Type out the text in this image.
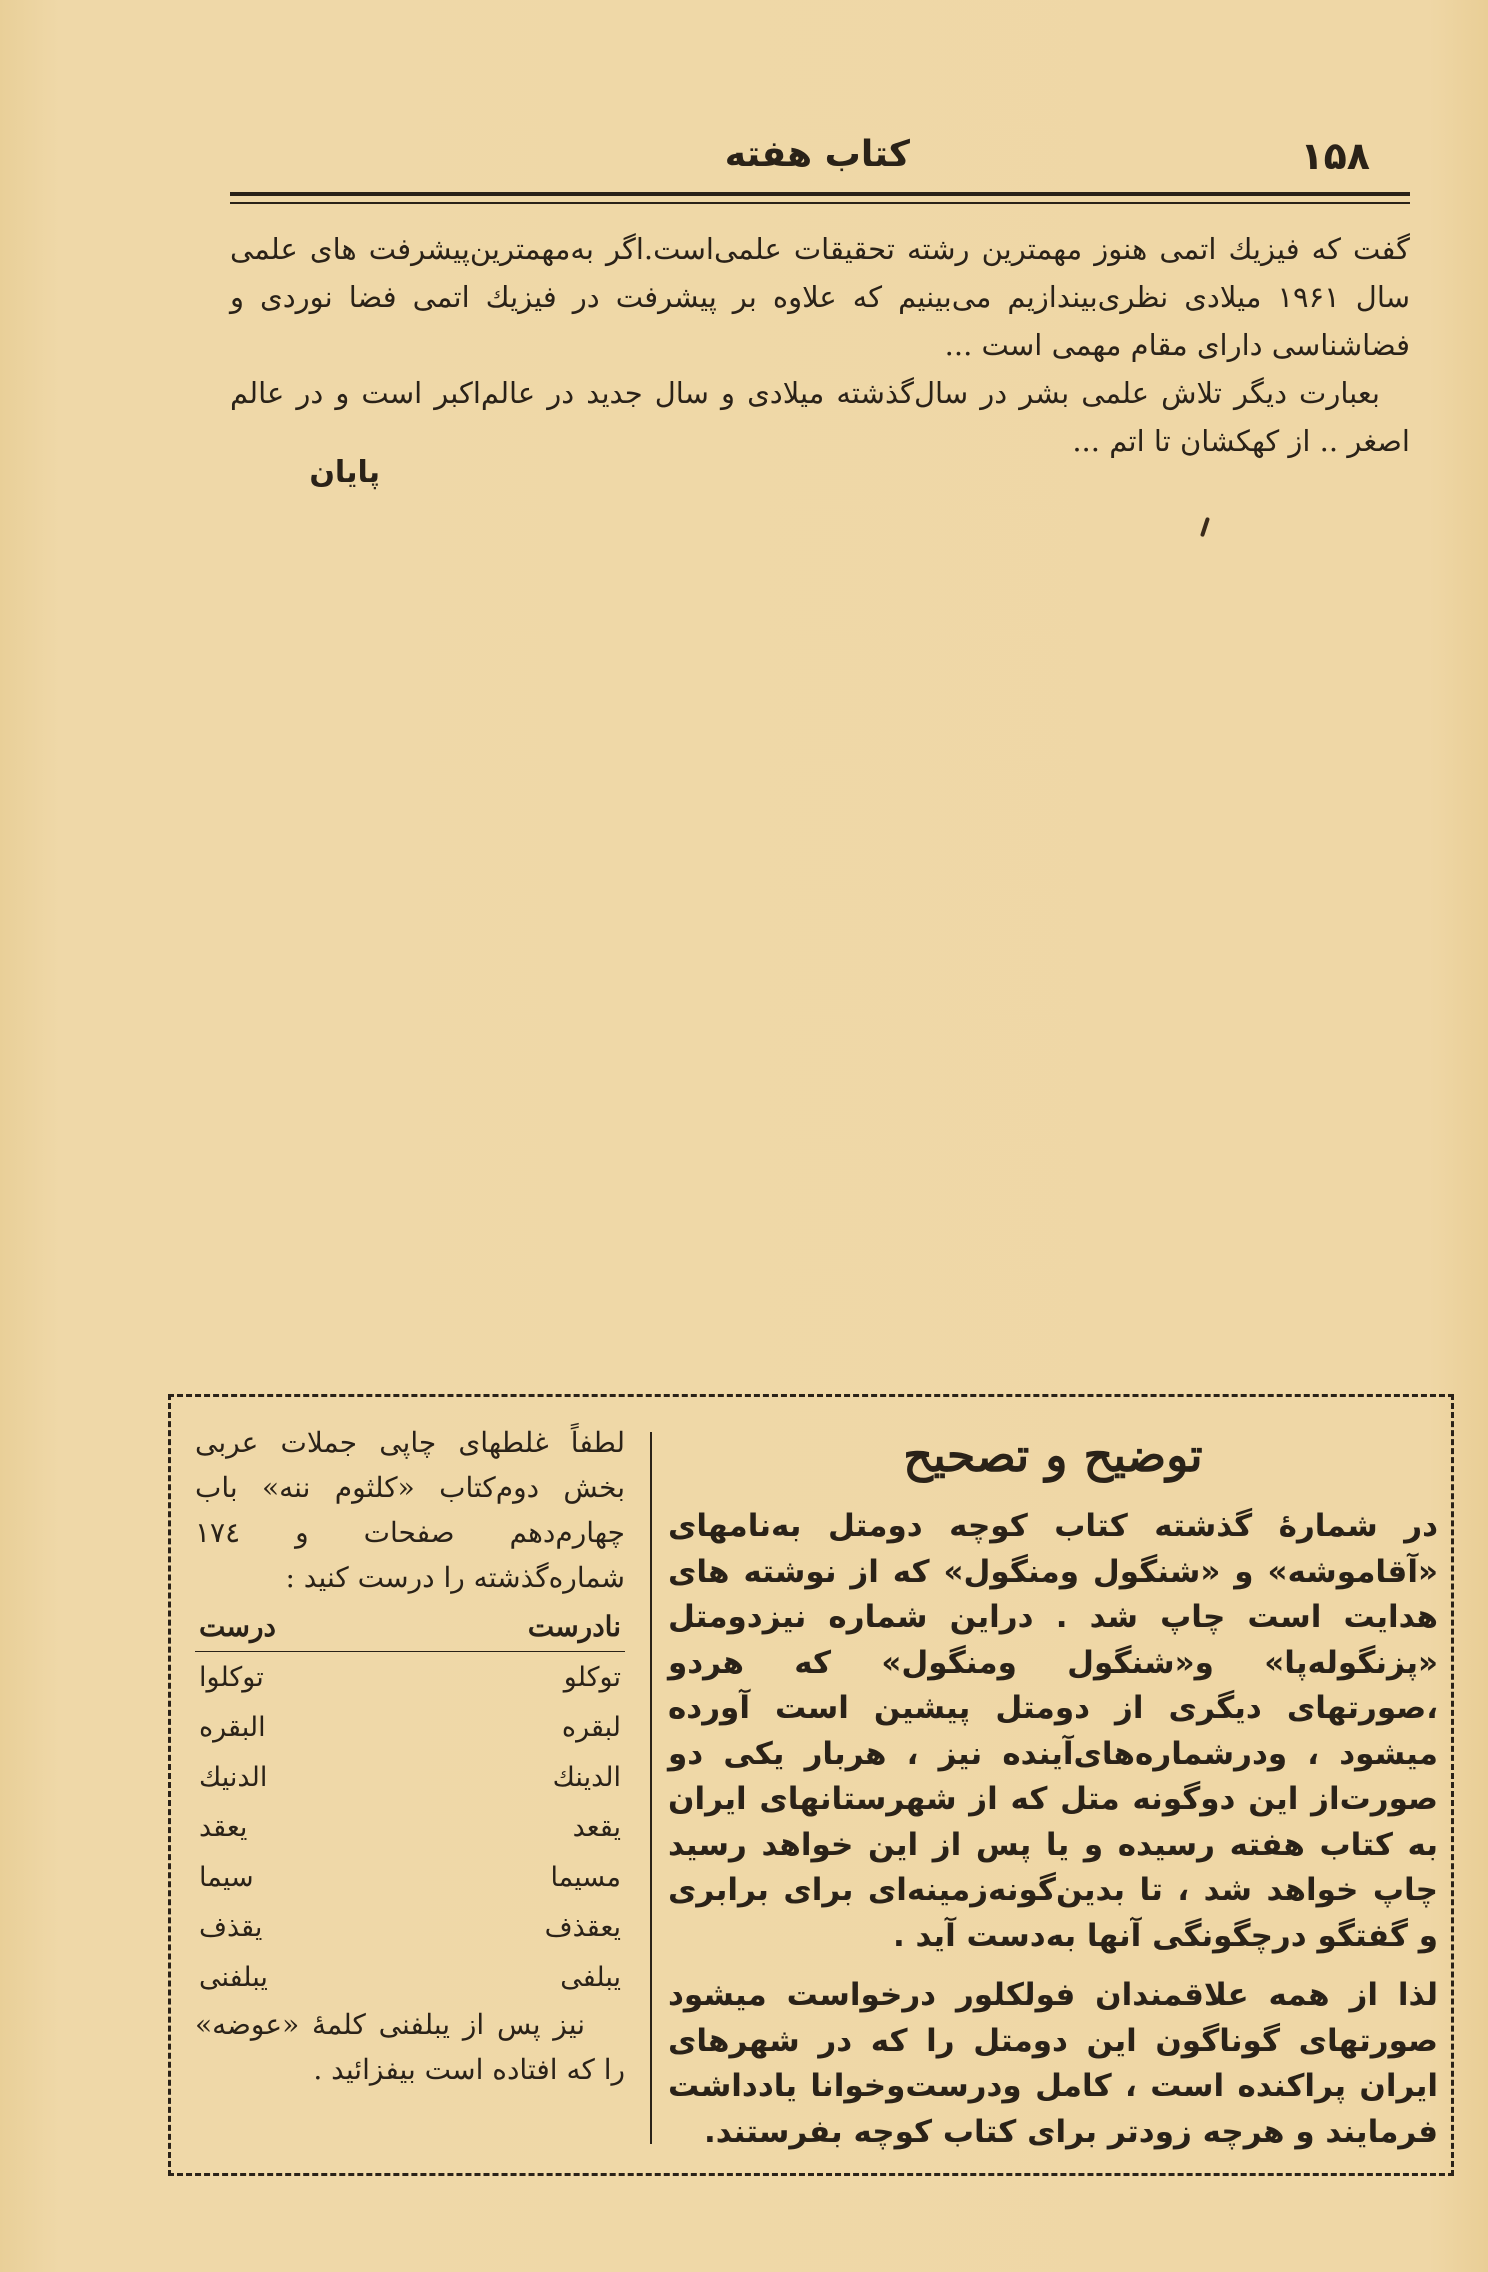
۱۵۸
کتاب هفته

گفت که فیزیك اتمی هنوز مهمترین رشته تحقیقات علمی‌است.اگر به‌مهمترین‌پیشرفت های علمی سال ۱۹۶۱ میلادی نظری‌بیندازیم می‌بینیم که علاوه بر پیشرفت در فیزیك اتمی فضا نوردی و فضاشناسی دارای مقام مهمی است ...

بعبارت دیگر تلاش علمی بشر در سال‌گذشته میلادی و سال جدید در عالم‌اکبر است و در عالم اصغر .. از کهکشان تا اتم ...

پایان
توضیح و تصحیح

در شمارۀ گذشته کتاب کوچه دومتل به‌نامهای «آقاموشه» و «شنگول ومنگول» که از نوشته های هدایت است چاپ شد . دراین شماره نیزدومتل «پزنگوله‌پا» و«شنگول ومنگول» که هردو ،صورتهای دیگری از دومتل پیشین است آورده میشود ، ودرشماره‌های‌آینده نیز ، هربار یکی دو صورت‌از این دوگونه متل که از شهرستانهای ایران به کتاب هفته رسیده و یا پس از این خواهد رسید چاپ خواهد شد ، تا بدین‌گونه‌زمینه‌ای برای برابری و گفتگو درچگونگی آنها به‌دست آید .

لذا از همه علاقمندان فولکلور درخواست میشود صورتهای گوناگون این دومتل را که در شهرهای ایران پراکنده است ، کامل ودرست‌وخوانا یادداشت فرمایند و هرچه زودتر برای کتاب کوچه بفرستند.

لطفاً غلطهای چاپی جملات عربی بخش دوم‌کتاب «کلثوم ننه» باب چهارم‌دهم صفحات و ۱۷٤ شماره‌گذشته را درست کنید :

نادرست	درست
توکلو	توکلوا
لبقره	البقره
الدینك	الدنیك
یقعد	یعقد
مسیما	سیما
یعقذف	یقذف
یبلفی	یبلفنی

نیز پس از یبلفنی کلمۀ «عوضه» را که افتاده است بیفزائید .
